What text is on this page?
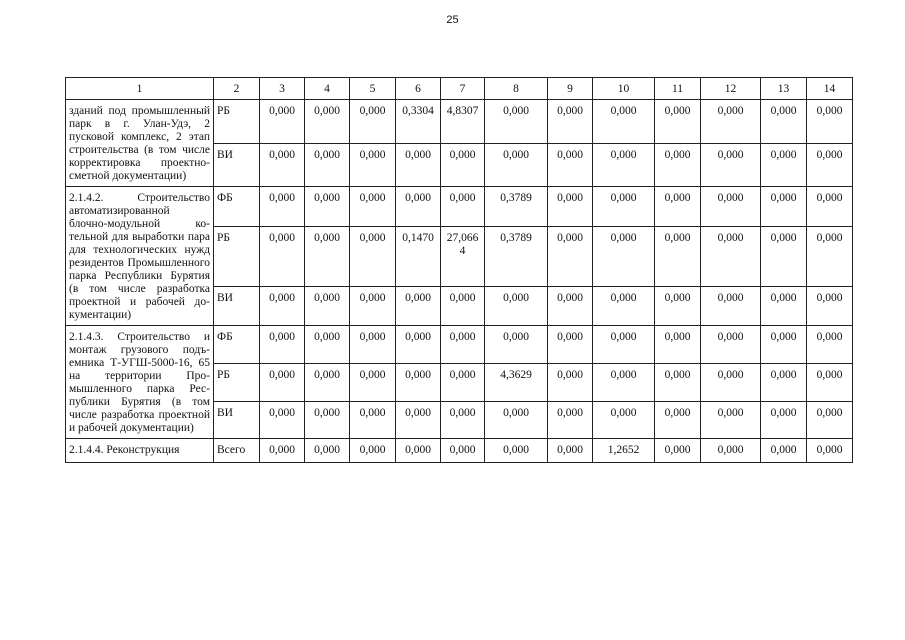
25
1	2	3	4	5	6	7	8	9	10	11	12	13	14
зданий под промышленный парк в г. Улан-Удэ, 2 пусковой комплекс, 2 этап строительства (в том числе корректировка проектно-сметной документации)	РБ	0,000	0,000	0,000	0,3304	4,8307	0,000	0,000	0,000	0,000	0,000	0,000	0,000
	ВИ	0,000	0,000	0,000	0,000	0,000	0,000	0,000	0,000	0,000	0,000	0,000	0,000
2.1.4.2. Строительство автоматизированной блочно-модульной котельной для выработки пара для технологических нужд резидентов Промышленного парка Республики Бурятия (в том числе разработка проектной и рабочей документации)	ФБ	0,000	0,000	0,000	0,000	0,000	0,3789	0,000	0,000	0,000	0,000	0,000	0,000
	РБ	0,000	0,000	0,000	0,1470	27,0664	0,3789	0,000	0,000	0,000	0,000	0,000	0,000
	ВИ	0,000	0,000	0,000	0,000	0,000	0,000	0,000	0,000	0,000	0,000	0,000	0,000
2.1.4.3. Строительство и монтаж грузового подъемника Т-УГШ-5000-16, 65 на территории Промышленного парка Республики Бурятия (в том числе разработка проектной и рабочей документации)	ФБ	0,000	0,000	0,000	0,000	0,000	0,000	0,000	0,000	0,000	0,000	0,000	0,000
	РБ	0,000	0,000	0,000	0,000	0,000	4,3629	0,000	0,000	0,000	0,000	0,000	0,000
	ВИ	0,000	0,000	0,000	0,000	0,000	0,000	0,000	0,000	0,000	0,000	0,000	0,000
2.1.4.4. Реконструкция	Всего	0,000	0,000	0,000	0,000	0,000	0,000	0,000	1,2652	0,000	0,000	0,000	0,000
